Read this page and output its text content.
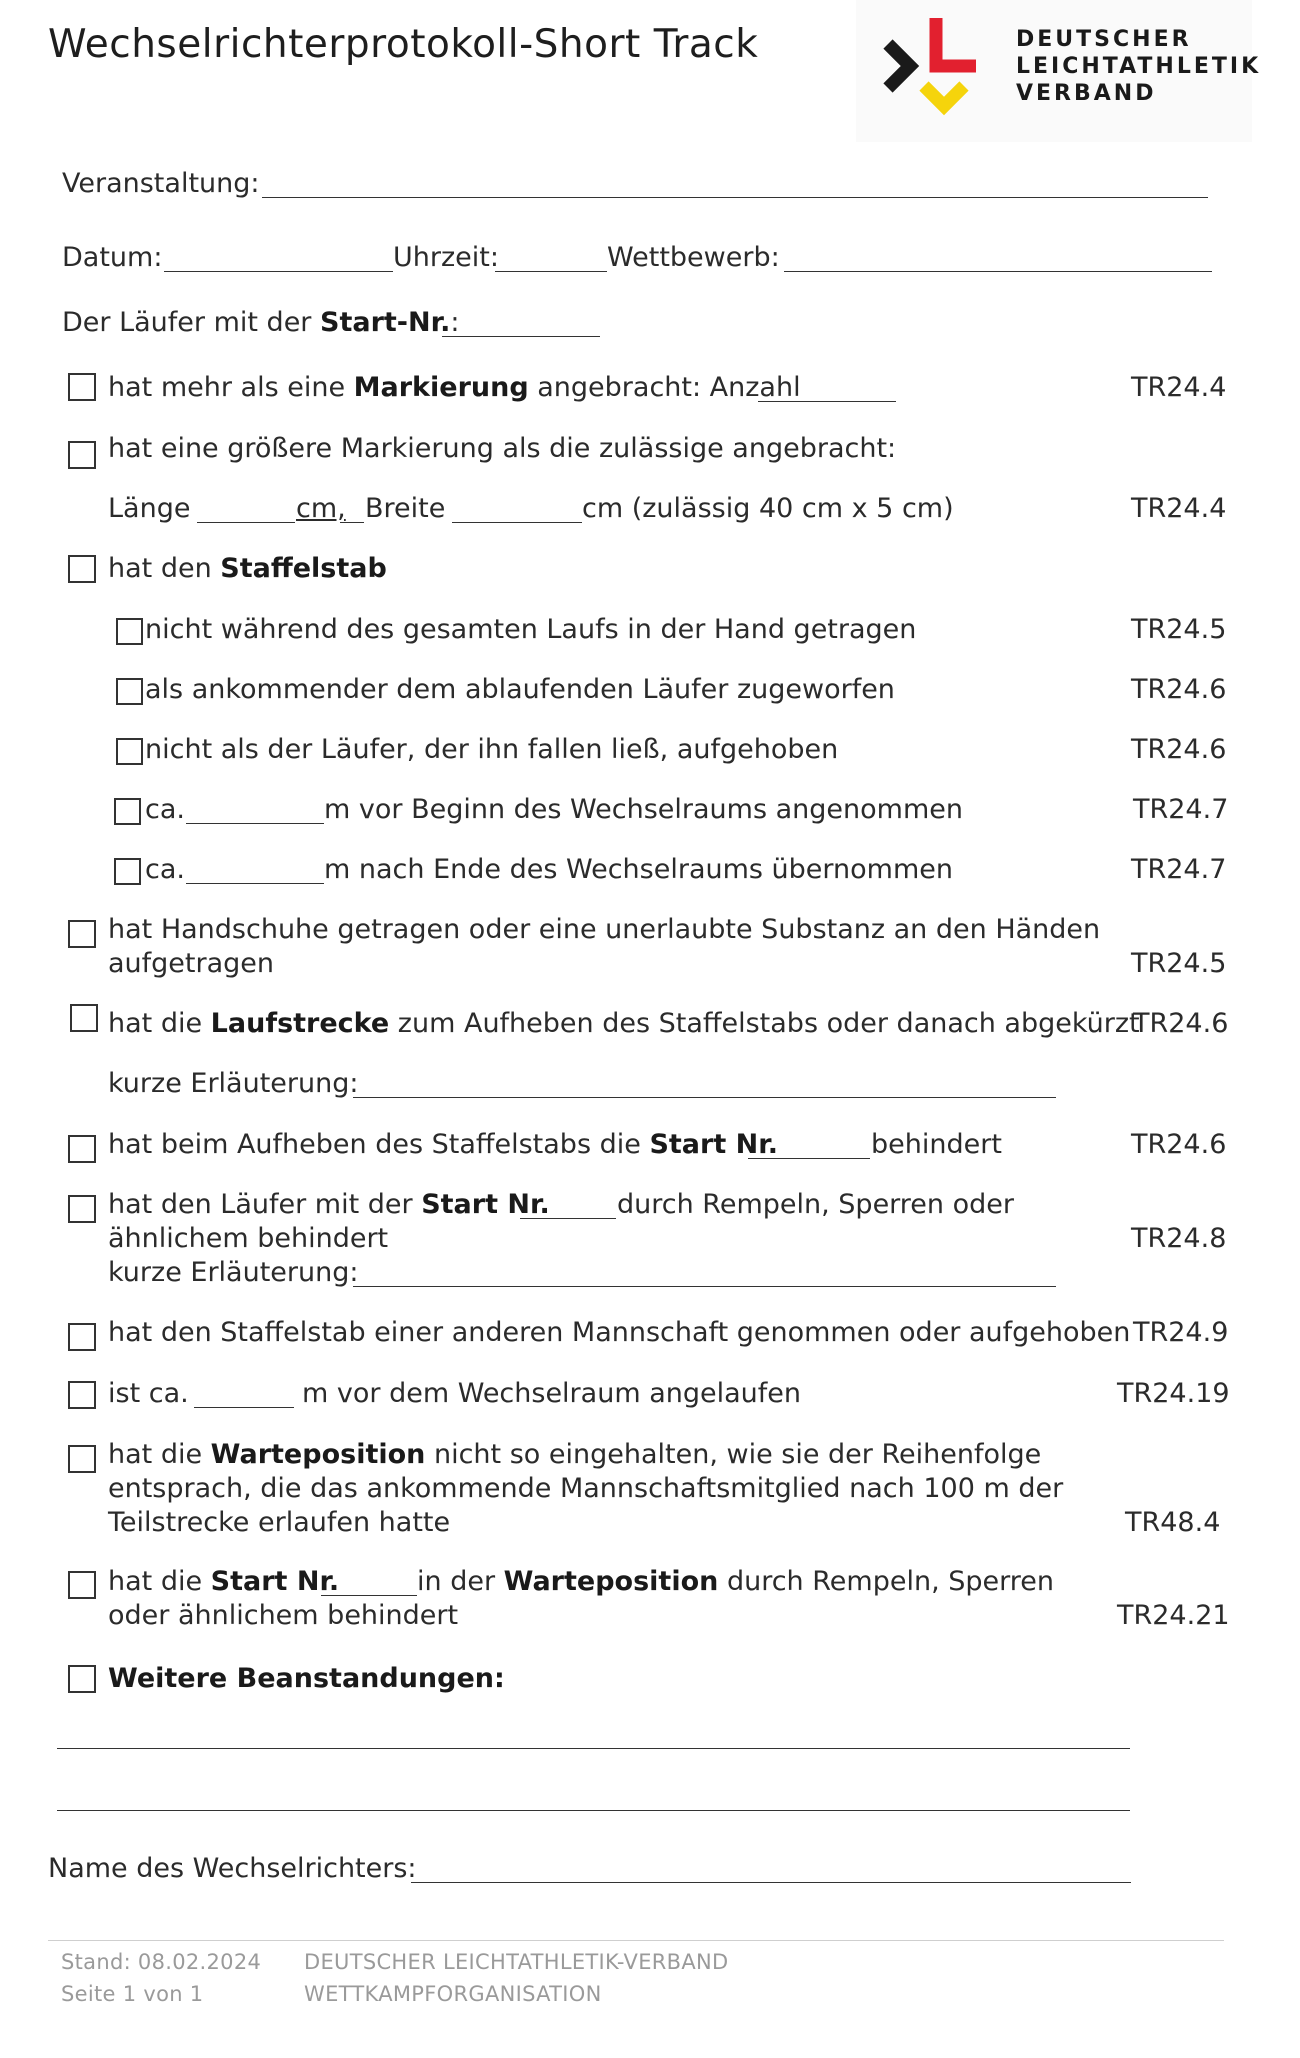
Wechselrichterprotokoll-Short Track	DEUTSCHER
LEICHTATHLETIK
VERBAND
Veranstaltung:
Datum:	Uhrzeit:	Wettbewerb:
Der Läufer mit der Start-Nr.:
hat mehr als eine Markierung angebracht: Anzahl	TR24.4
hat eine größere Markierung als die zulässige angebracht:
Länge	cm, Breite	cm (zulässig 40 cm x 5 cm)	TR24.4
hat den Staffelstab
nicht während des gesamten Laufs in der Hand getragen	TR24.5
als ankommender dem ablaufenden Läufer zugeworfen	TR24.6
nicht als der Läufer, der ihn fallen ließ, aufgehoben	TR24.6
ca.	m vor Beginn des Wechselraums angenommen	TR24.7
ca.	m nach Ende des Wechselraums übernommen	TR24.7
hat Handschuhe getragen oder eine unerlaubte Substanz an den Händen
aufgetragen	TR24.5
hat die Laufstrecke zum Aufheben des Staffelstabs oder danach abgekürzt
TR24.6
kurze Erläuterung:
hat beim Aufheben des Staffelstabs die Start Nr.	behindert	TR24.6
hat den Läufer mit der Start Nr. durch Rempeln, Sperren oder
ähnlichem behindert	TR24.8
kurze Erläuterung:
hat den Staffelstab einer anderen Mannschaft genommen oder aufgehoben TR24.9
ist ca.	m vor dem Wechselraum angelaufen	TR24.19
hat die Warteposition nicht so eingehalten, wie sie der Reihenfolge
entsprach, die das ankommende Mannschaftsmitglied nach 100 m der
Teilstrecke erlaufen hatte	TR48.4
hat die Start Nr.	in der Warteposition durch Rempeln, Sperren
oder ähnlichem behindert	TR24.21
Weitere Beanstandungen:
Name des Wechselrichters:
Stand: 08.02.2024
Seite 1 von 1
DEUTSCHER LEICHTATHLETIK-VERBAND
WETTKAMPFORGANISATION
